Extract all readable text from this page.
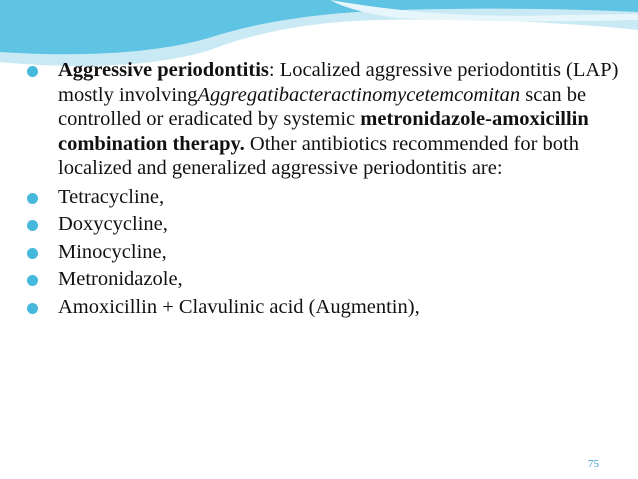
Aggressive periodontitis: Localized aggressive periodontitis (LAP) mostly involvingAggregatibacteractinomycetemcomitan scan be controlled or eradicated by systemic metronidazole-amoxicillin combination therapy. Other antibiotics recommended for both localized and generalized aggressive periodontitis are:
Tetracycline,
Doxycycline,
Minocycline,
Metronidazole,
Amoxicillin + Clavulinic acid (Augmentin),
75
